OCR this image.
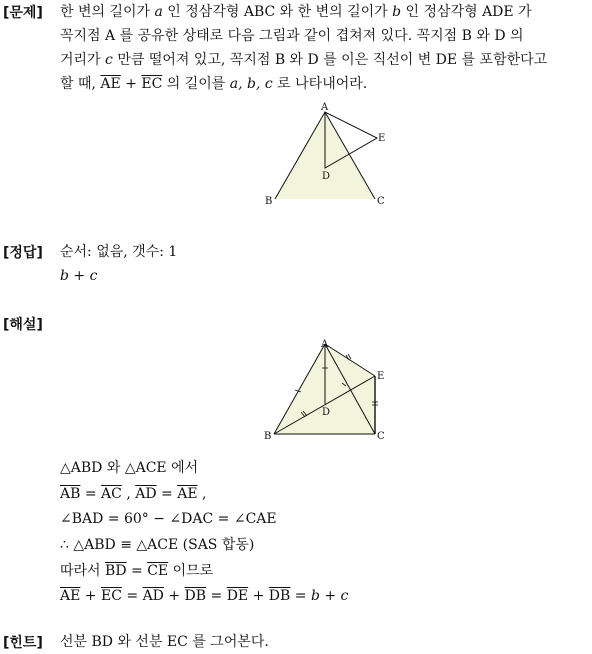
[문제] 한 변의 길이가 a 인 정삼각형 ABC 와 한 변의 길이가 b 인 정삼각형 ADE 가
꼭지점 A 를 공유한 상태로 다음 그림과 같이 겹쳐져 있다. 꼭지점 B 와 D 의
거리가 c 만큼 떨어져 있고, 꼭지점 B 와 D 를 이은 직선이 변 DE 를 포함한다고
할 때, $\overline{AE} + \overline{EC}$ 의 길이를 a, b, c 로 나타내어라.
A
B	C
D
E
[정답] 순서: 없음, 갯수: 1
b + c
[해설]
A
B	C
D
E
△ABD 와 △ACE 에서
$\overline{AB} = \overline{AC}$ , $\overline{AD} = \overline{AE}$ ,
∠BAD = 60° − ∠DAC = ∠CAE
∴ △ABD ≡ △ACE (SAS 합동)
따라서 $\overline{BD} = \overline{CE}$ 이므로
$\overline{AE} + \overline{EC} = \overline{AD} + \overline{DB} = \overline{DE} + \overline{DB} = b + c$
[힌트] 선분 BD 와 선분 EC 를 그어본다.
